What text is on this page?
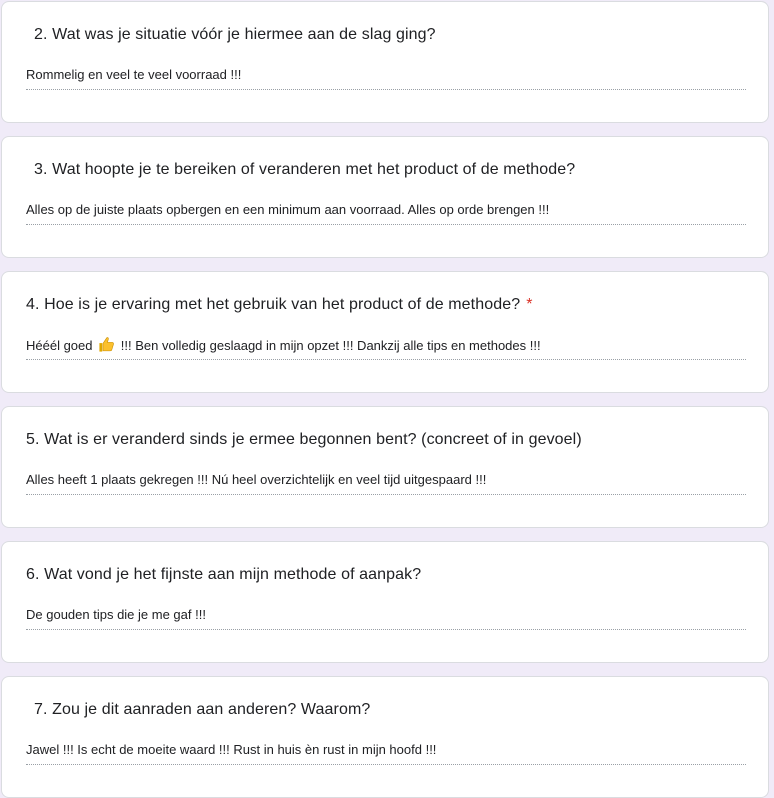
2. Wat was je situatie vóór je hiermee aan de slag ging?
Rommelig en veel te veel voorraad !!!
3. Wat hoopte je te bereiken of veranderen met het product of de methode?
Alles op de juiste plaats opbergen en een minimum aan voorraad. Alles op orde brengen !!!
4. Hoe is je ervaring met het gebruik van het product of de methode? *
Hééél goed !!! Ben volledig geslaagd in mijn opzet !!! Dankzij alle tips en methodes !!!
5. Wat is er veranderd sinds je ermee begonnen bent? (concreet of in gevoel)
Alles heeft 1 plaats gekregen !!! Nú heel overzichtelijk en veel tijd uitgespaard !!!
6. Wat vond je het fijnste aan mijn methode of aanpak?
De gouden tips die je me gaf !!!
7. Zou je dit aanraden aan anderen? Waarom?
Jawel !!! Is echt de moeite waard !!! Rust in huis èn rust in mijn hoofd !!!
